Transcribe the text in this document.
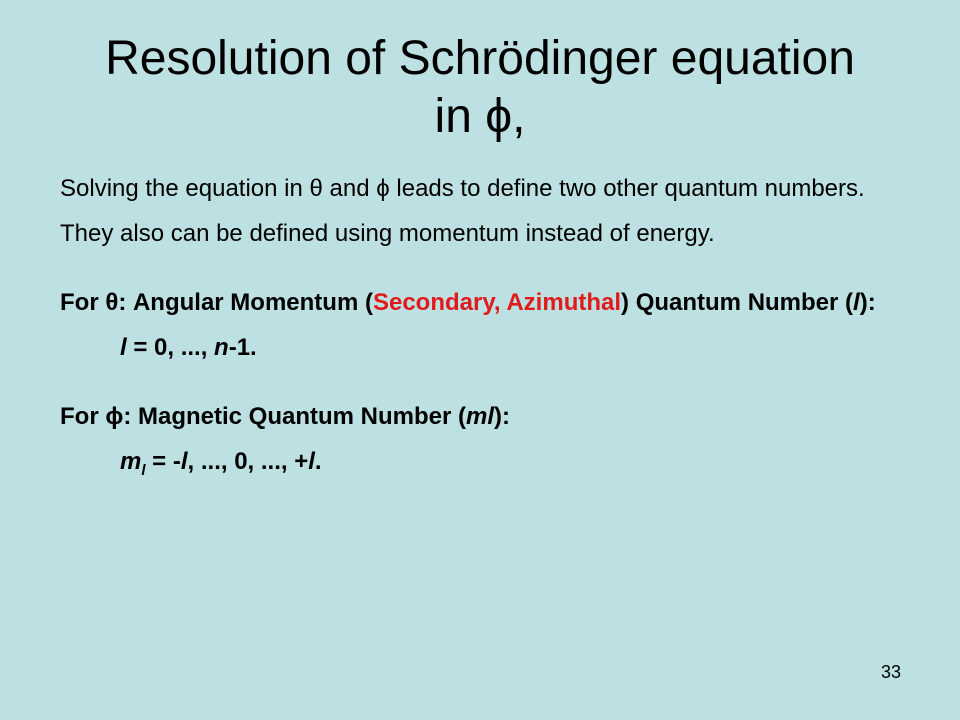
Resolution of Schrödinger equation
in ϕ,

Solving the equation in θ and ϕ leads to define two other quantum numbers.

They also can be defined using momentum instead of energy.

For θ: Angular Momentum (Secondary, Azimuthal) Quantum Number (l):

l = 0, ..., n-1.

For ϕ: Magnetic Quantum Number (ml):

$m_l = -l$, ..., 0, ..., +l.

33
